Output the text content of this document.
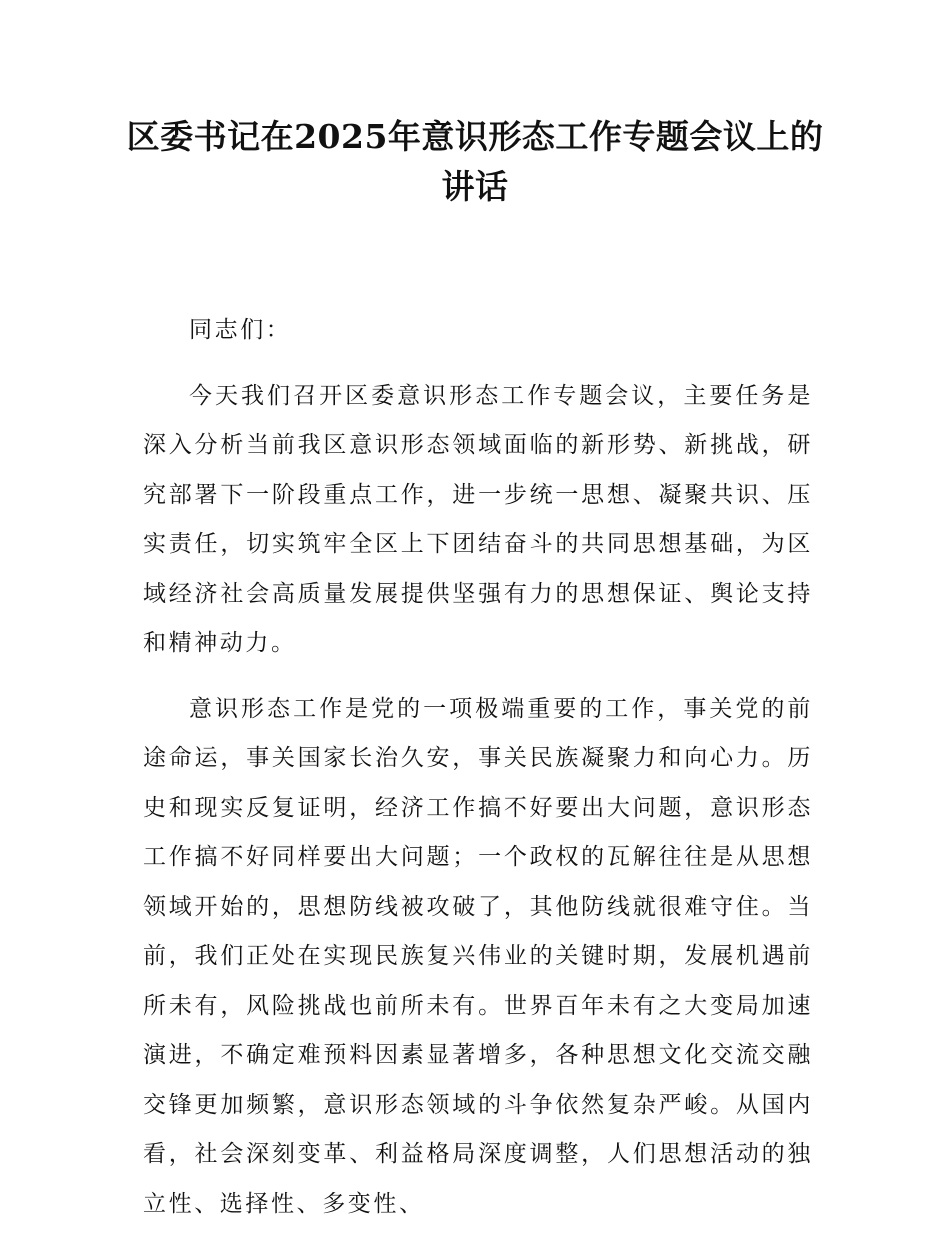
区委书记在2025年意识形态工作专题会议上的讲话

同志们：

今天我们召开区委意识形态工作专题会议，主要任务是深入分析当前我区意识形态领域面临的新形势、新挑战，研究部署下一阶段重点工作，进一步统一思想、凝聚共识、压实责任，切实筑牢全区上下团结奋斗的共同思想基础，为区域经济社会高质量发展提供坚强有力的思想保证、舆论支持和精神动力。

意识形态工作是党的一项极端重要的工作，事关党的前途命运，事关国家长治久安，事关民族凝聚力和向心力。历史和现实反复证明，经济工作搞不好要出大问题，意识形态工作搞不好同样要出大问题；一个政权的瓦解往往是从思想领域开始的，思想防线被攻破了，其他防线就很难守住。当前，我们正处在实现民族复兴伟业的关键时期，发展机遇前所未有，风险挑战也前所未有。世界百年未有之大变局加速演进，不确定难预料因素显著增多，各种思想文化交流交融交锋更加频繁，意识形态领域的斗争依然复杂严峻。从国内看，社会深刻变革、利益格局深度调整，人们思想活动的独立性、选择性、多变性、
